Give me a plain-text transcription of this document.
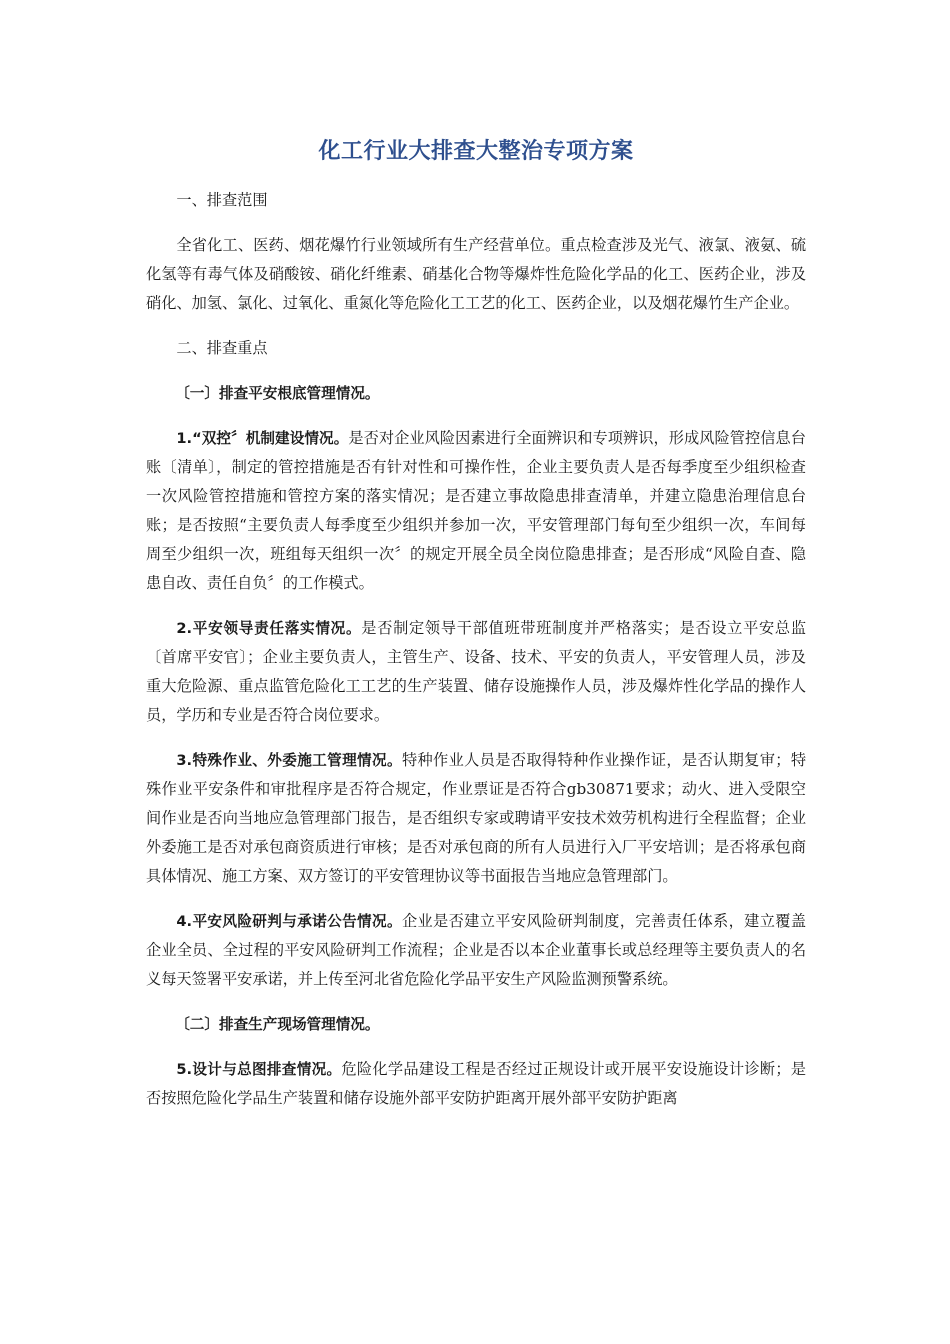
化工行业大排查大整治专项方案

一、排查范围

全省化工、医药、烟花爆竹行业领域所有生产经营单位。重点检查涉及光气、液氯、液氨、硫化氢等有毒气体及硝酸铵、硝化纤维素、硝基化合物等爆炸性危险化学品的化工、医药企业，涉及硝化、加氢、氯化、过氧化、重氮化等危险化工工艺的化工、医药企业，以及烟花爆竹生产企业。

二、排查重点

〔一〕排查平安根底管理情况。

1.“双控〞机制建设情况。是否对企业风险因素进行全面辨识和专项辨识，形成风险管控信息台账〔清单〕，制定的管控措施是否有针对性和可操作性，企业主要负责人是否每季度至少组织检查一次风险管控措施和管控方案的落实情况；是否建立事故隐患排查清单，并建立隐患治理信息台账；是否按照“主要负责人每季度至少组织并参加一次，平安管理部门每旬至少组织一次，车间每周至少组织一次，班组每天组织一次〞的规定开展全员全岗位隐患排查；是否形成“风险自查、隐患自改、责任自负〞的工作模式。

2.平安领导责任落实情况。是否制定领导干部值班带班制度并严格落实；是否设立平安总监〔首席平安官〕；企业主要负责人，主管生产、设备、技术、平安的负责人，平安管理人员，涉及重大危险源、重点监管危险化工工艺的生产装置、储存设施操作人员，涉及爆炸性化学品的操作人员，学历和专业是否符合岗位要求。

3.特殊作业、外委施工管理情况。特种作业人员是否取得特种作业操作证，是否认期复审；特殊作业平安条件和审批程序是否符合规定，作业票证是否符合gb30871要求；动火、进入受限空间作业是否向当地应急管理部门报告，是否组织专家或聘请平安技术效劳机构进行全程监督；企业外委施工是否对承包商资质进行审核；是否对承包商的所有人员进行入厂平安培训；是否将承包商具体情况、施工方案、双方签订的平安管理协议等书面报告当地应急管理部门。

4.平安风险研判与承诺公告情况。企业是否建立平安风险研判制度，完善责任体系，建立覆盖企业全员、全过程的平安风险研判工作流程；企业是否以本企业董事长或总经理等主要负责人的名义每天签署平安承诺，并上传至河北省危险化学品平安生产风险监测预警系统。

〔二〕排查生产现场管理情况。

5.设计与总图排查情况。危险化学品建设工程是否经过正规设计或开展平安设施设计诊断；是否按照危险化学品生产装置和储存设施外部平安防护距离开展外部平安防护距离
